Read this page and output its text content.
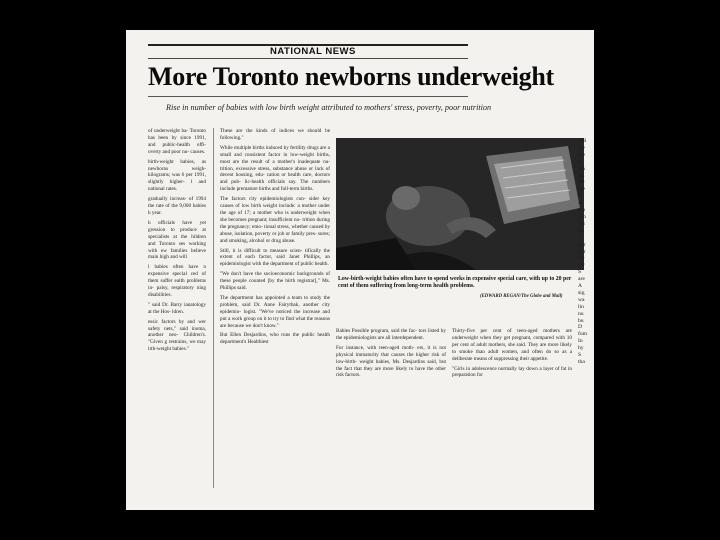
NATIONAL NEWS
More Toronto newborns underweight
Rise in number of babies with low birth weight attributed to mothers' stress, poverty, poor nutrition

of underweight ba- Toronto has been by since 1991, and public-health offi- overty and poor nu- causes.

birth-weight babies, as newborns weigh- kilograms; was 6 per 1991, slightly higher- l and national rates.

gradually increas- of 1994 the rate of the 9,000 babies h year.

h officials have yet gression to produce at specialists at the hildren and Toronto ses working with ew families believe main high and will

l babies often have n expensive special ced of them suffer ealth problems in- palsy, respiratory ning disabilities.

" said Dr. Barry ianatology at the Hos- ldren.

essic factors by and wer safety nets," said inoma, another neo- Children's. "Given g restrains, we may irth-weight babies."

These are the kinds of indices we should be following."

While multiple births induced by fertility drugs are a small and consistent factor in low-weight births, most are the result of a mother's inadequate nu- trition, excessive stress, substance abuse or lack of decent housing, edu- cation or health care, doctors and pub- lic-health officials say. The numbers include premature births and full-term births.

The factors city epidemiologists con- sider key causes of low birth weight include: a mother under the age of 17; a mother who is underweight when she becomes pregnant; insufficient nu- trition during the pregnancy; emo- tional stress, whether caused by abuse, isolation, poverty or job or family pres- sures; and smoking, alcohol or drug abuse.

Still, it is difficult to measure scien- tifically the extent of each factor, said Janet Phillips, an epidemiologist with the department of public health.

"We don't have the socioeconomic backgrounds of these people counted [by the birth registrar]," Ms. Phillips said.

The department has appointed a team to study the problem, said Dr. Anne Fairytbak, another city epidemio- logist. "We've noticed the increase and put a work group on it to try to find what the reasons are because we don't know."

But Ellen Desjardins, who runs the public health department's Healthiest

Low-birth-weight babies often have to spend weeks in expensive special care, with up to 20 per cent of them suffering from long-term health problems.
(EDWARD REGAN/The Globe and Mail)

Babies Possible program, said the fac- tors listed by the epidemiologists are all interdependent.

For instance, with teen-aged moth- ers, it is not physical immaturity that causes the higher risk of low-birth- weight babies, Ms. Desjardins said, but the fact that they are more likely to have the other risk factors.

Thirty-five per cent of teen-aged mothers are underweight when they get pregnant, compared with 10 per cent of adult mothers, she said. They are more likely to smoke than adult women, and often do so as a deliberate means of suppressing their appetite.

"Girls in adolescence normally lay down a layer of fat in preparation for

chil
the
pre
S
wh
shi
tee
bre
B
A
tho
ado
chi
sai
I
gor
por
Ge
ow
S
are
A
sig
wa
lin
nu
bu
D
fum
In
hy
S
tha
